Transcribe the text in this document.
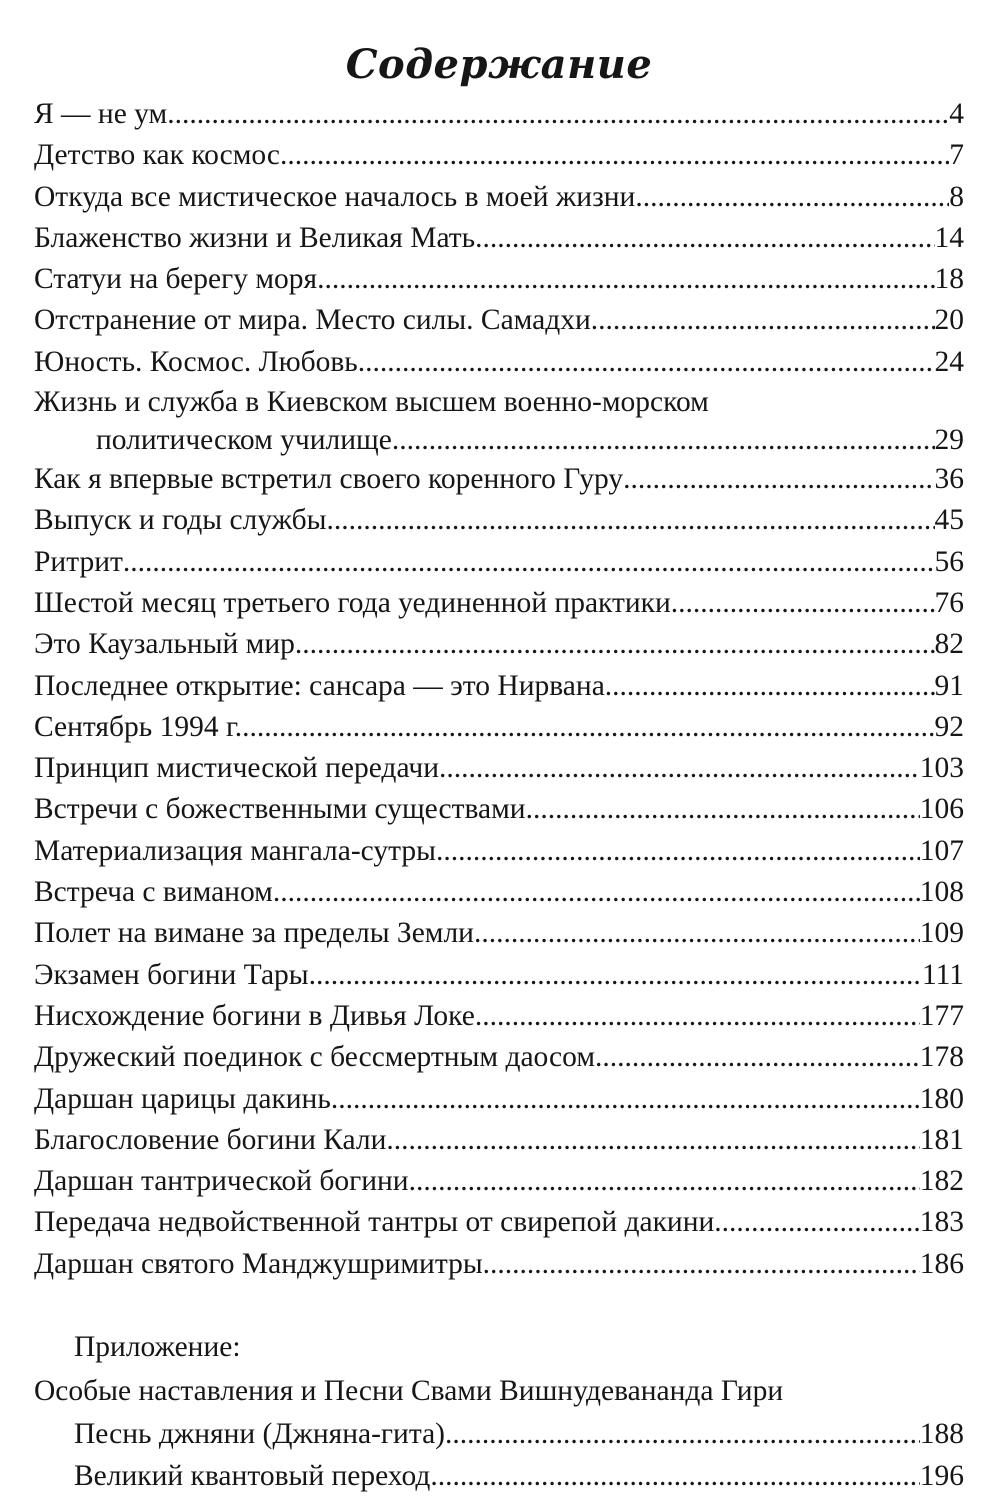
Содержание
Я — не ум .....	4
Детство как космос .....	7
Откуда все мистическое началось в моей жизни .....	8
Блаженство жизни и Великая Мать .....	14
Статуи на берегу моря .....	18
Отстранение от мира. Место силы. Самадхи .....	20
Юность. Космос. Любовь .....	24
Жизнь и служба в Киевском высшем военно-морском
политическом училище .....	29
Как я впервые встретил своего коренного Гуру .....	36
Выпуск и годы службы .....	45
Ритрит .....	56
Шестой месяц третьего года уединенной практики .....	76
Это Каузальный мир .....	82
Последнее открытие: сансара — это Нирвана .....	91
Сентябрь 1994 г. .....	92
Принцип мистической передачи .....	103
Встречи с божественными существами .....	106
Материализация мангала-сутры .....	107
Встреча с виманом .....	108
Полет на вимане за пределы Земли .....	109
Экзамен богини Тары .....	111
Нисхождение богини в Дивья Локе .....	177
Дружеский поединок с бессмертным даосом .....	178
Даршан царицы дакинь .....	180
Благословение богини Кали .....	181
Даршан тантрической богини .....	182
Передача недвойственной тантры от свирепой дакини .....	183
Даршан святого Манджушримитры .....	186
Приложение:
Особые наставления и Песни Свами Вишнудевананда Гири
Песнь джняни (Джняна-гита) .....	188
Великий квантовый переход .....	196
